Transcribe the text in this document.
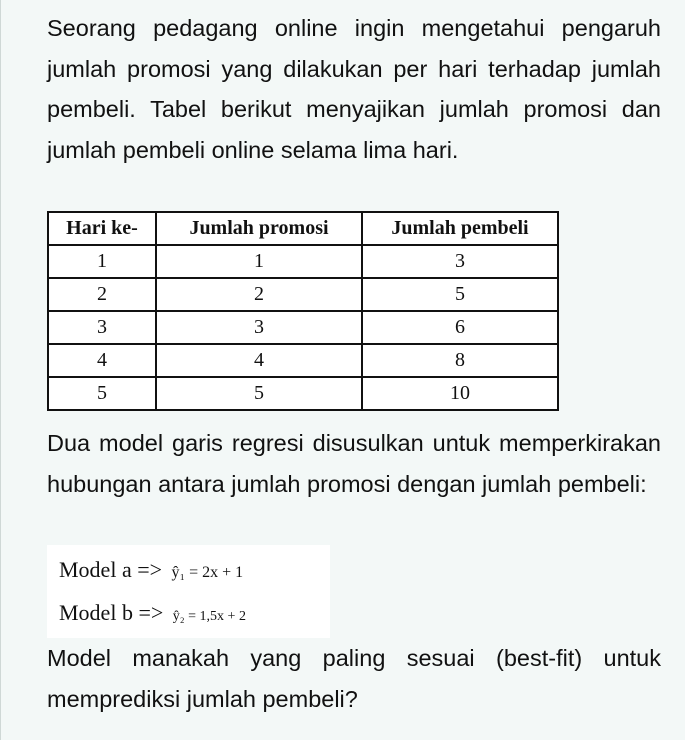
Seorang pedagang online ingin mengetahui pengaruh jumlah promosi yang dilakukan per hari terhadap jumlah pembeli. Tabel berikut menyajikan jumlah promosi dan jumlah pembeli online selama lima hari.
Hari ke-	Jumlah promosi	Jumlah pembeli
1	1	3
2	2	5
3	3	6
4	4	8
5	5	10
Dua model garis regresi disusulkan untuk memperkirakan hubungan antara jumlah promosi dengan jumlah pembeli:
Model a => ŷ₁ = 2x + 1
Model b => ŷ₂ = 1,5x + 2
Model manakah yang paling sesuai (best-fit) untuk memprediksi jumlah pembeli?
